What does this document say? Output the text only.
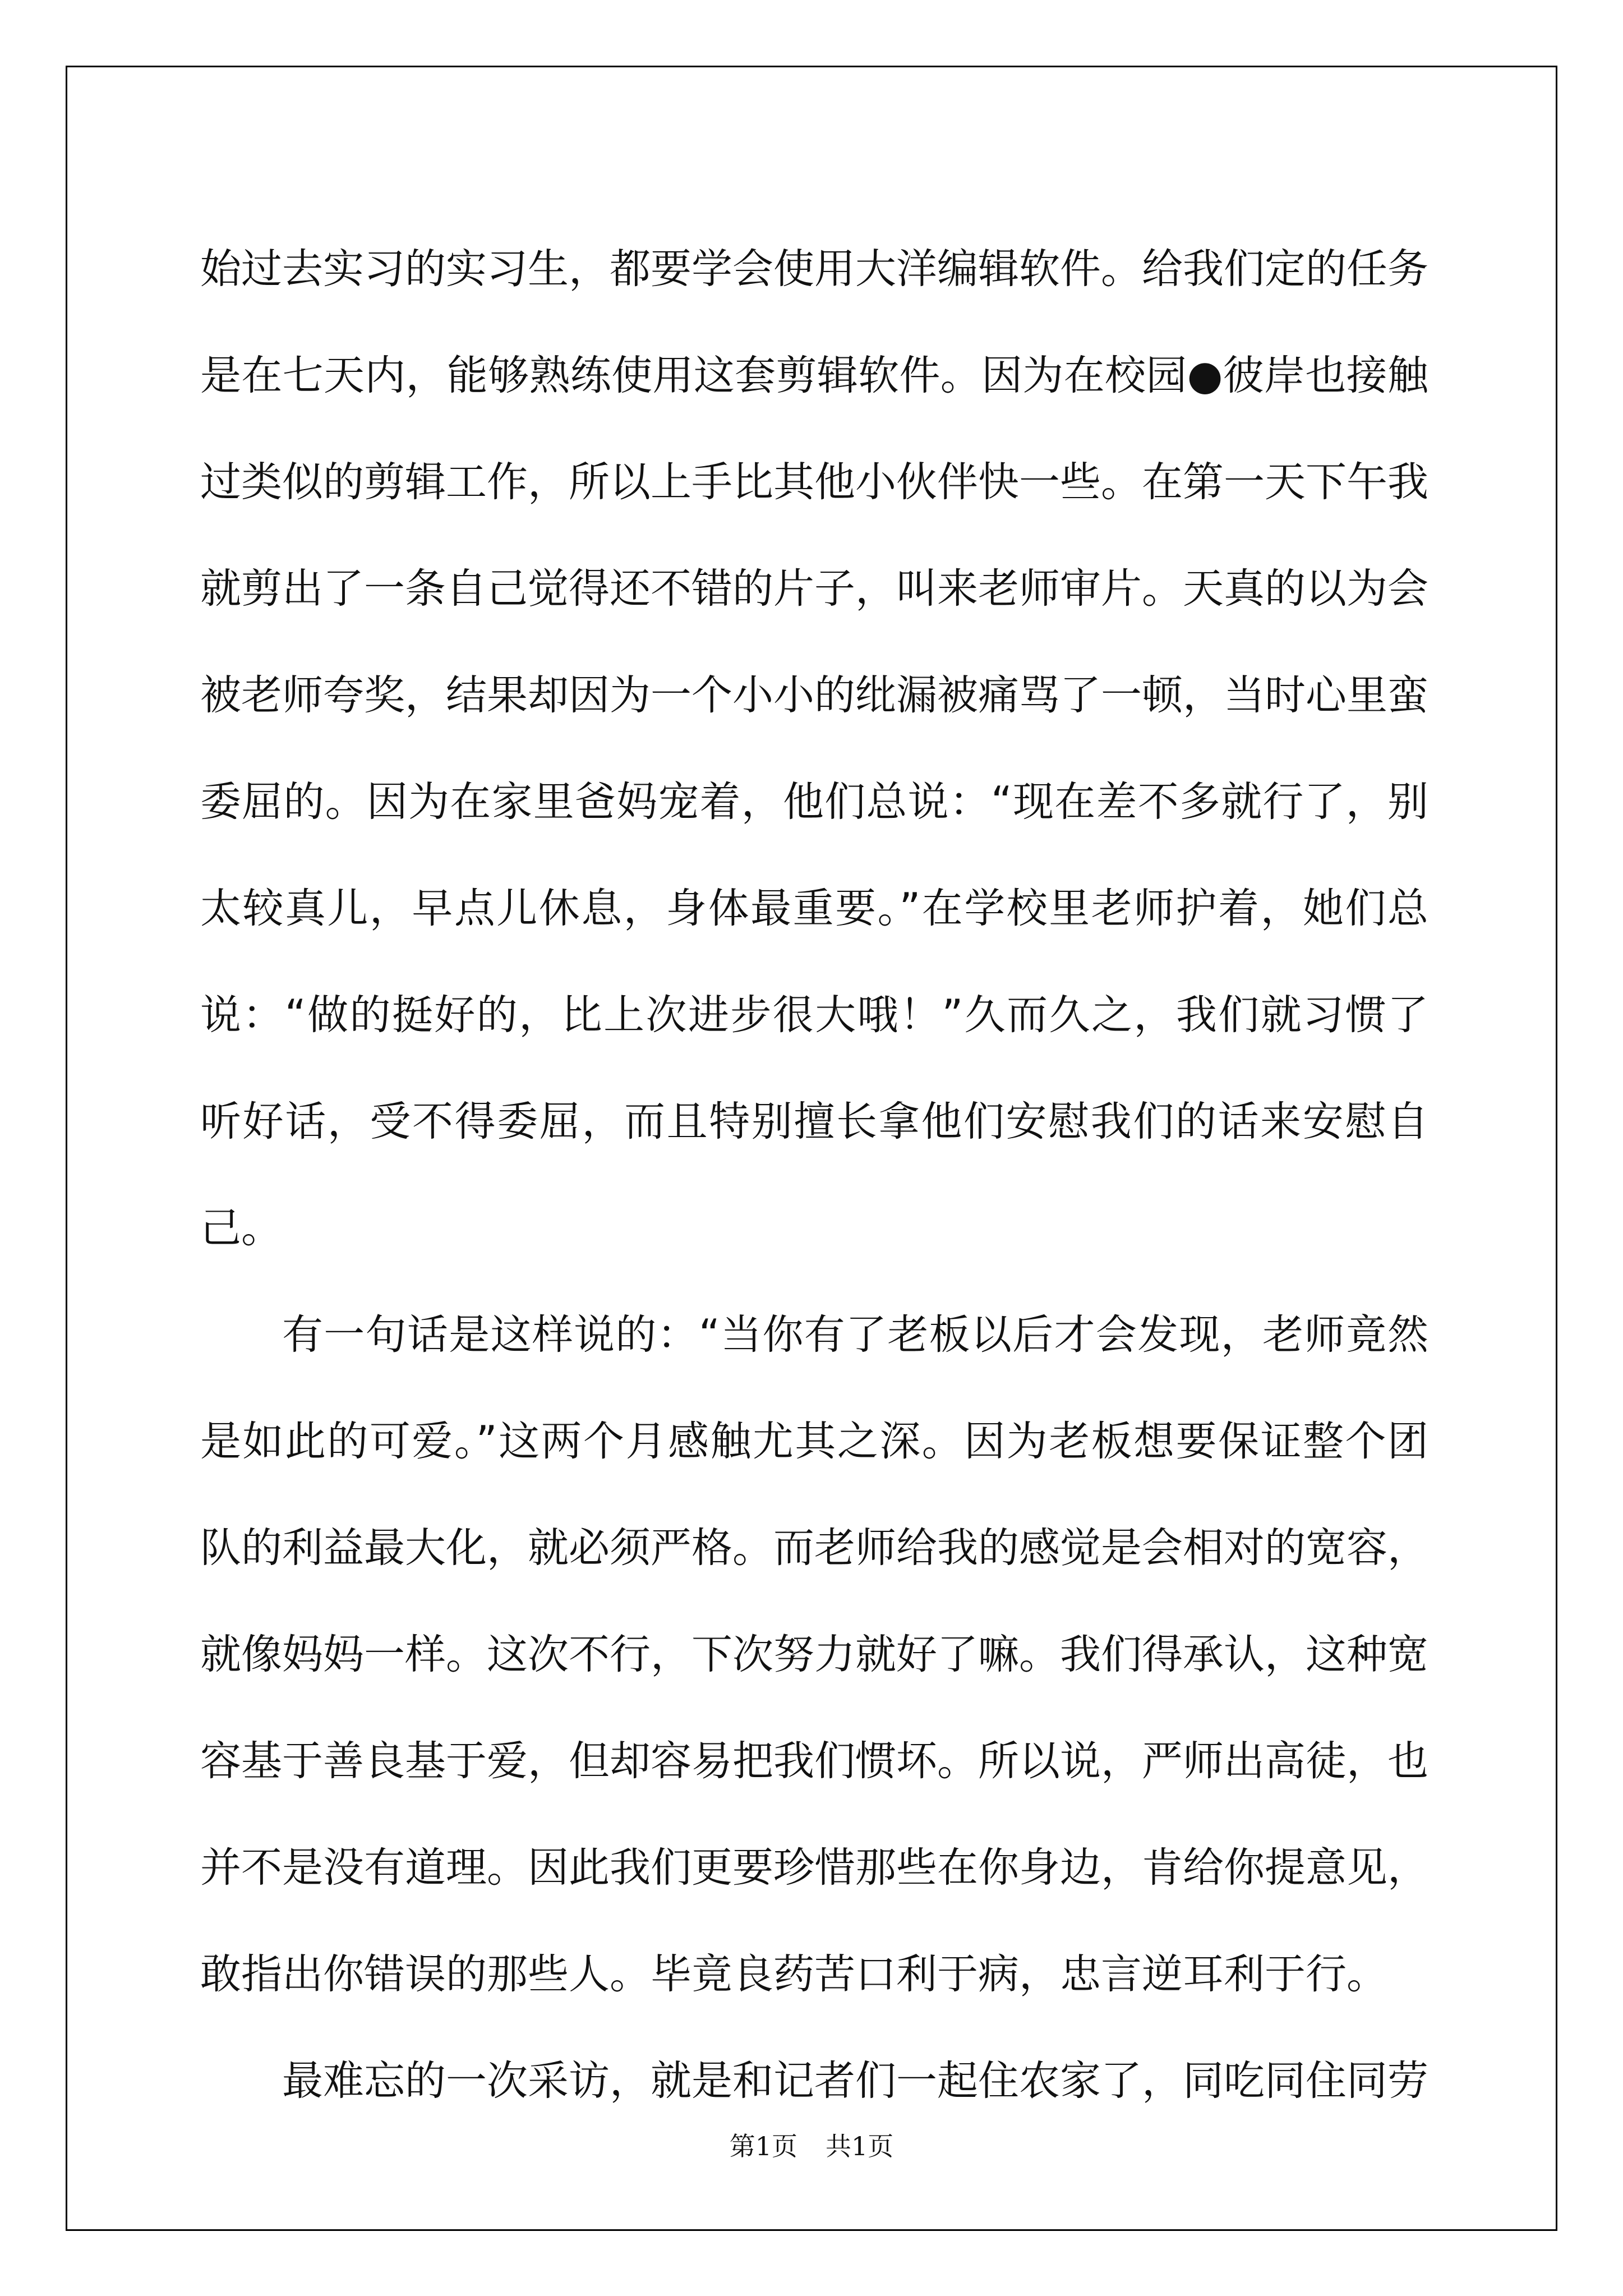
始过去实习的实习生，都要学会使用大洋编辑软件。给我们定的任务是在七天内，能够熟练使用这套剪辑软件。因为在校园●彼岸也接触过类似的剪辑工作，所以上手比其他小伙伴快一些。在第一天下午我就剪出了一条自己觉得还不错的片子，叫来老师审片。天真的以为会被老师夸奖，结果却因为一个小小的纰漏被痛骂了一顿，当时心里蛮委屈的。因为在家里爸妈宠着，他们总说：“现在差不多就行了，别太较真儿，早点儿休息，身体最重要。”在学校里老师护着，她们总说：“做的挺好的，比上次进步很大哦！”久而久之，我们就习惯了听好话，受不得委屈，而且特别擅长拿他们安慰我们的话来安慰自己。

有一句话是这样说的：“当你有了老板以后才会发现，老师竟然是如此的可爱。”这两个月感触尤其之深。因为老板想要保证整个团队的利益最大化，就必须严格。而老师给我的感觉是会相对的宽容，就像妈妈一样。这次不行，下次努力就好了嘛。我们得承认，这种宽容基于善良基于爱，但却容易把我们惯坏。所以说，严师出高徒，也并不是没有道理。因此我们更要珍惜那些在你身边，肯给你提意见，敢指出你错误的那些人。毕竟良药苦口利于病，忠言逆耳利于行。

最难忘的一次采访，就是和记者们一起住农家了，同吃同住同劳

第1页 共1页
